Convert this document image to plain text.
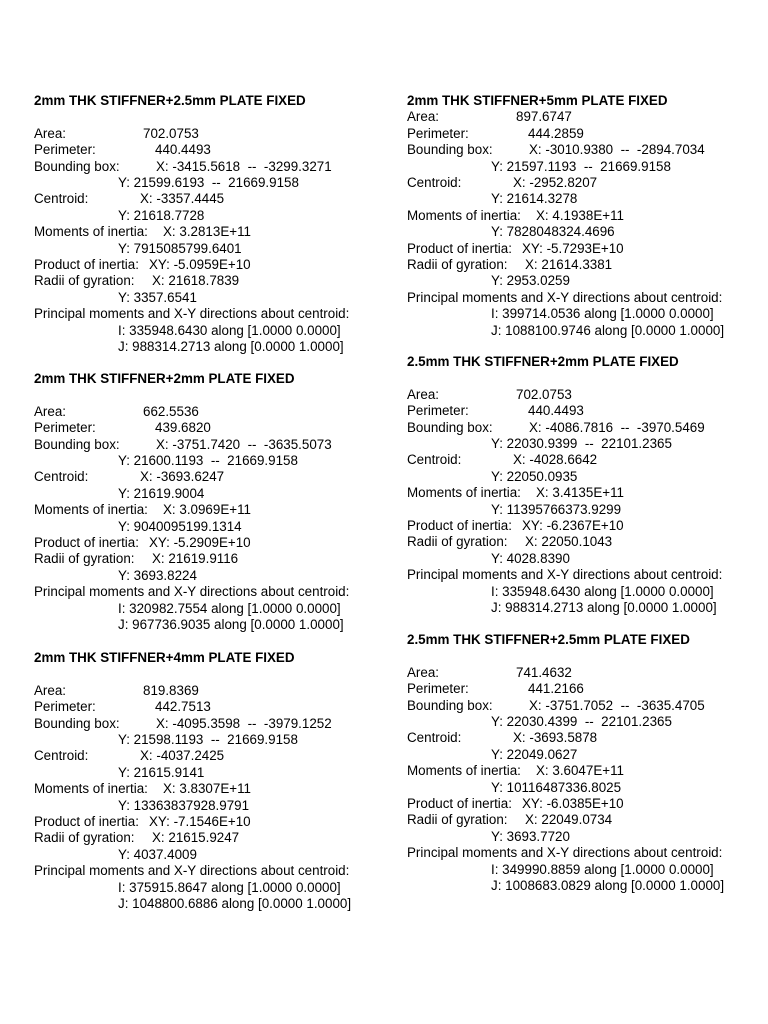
2mm THK STIFFNER+2.5mm PLATE FIXED
Area:	702.0753
Perimeter:	440.4493
Bounding box:	X: -3415.5618  --  -3299.3271
Y: 21599.6193  --  21669.9158
Centroid:	X: -3357.4445
Y: 21618.7728
Moments of inertia: X: 3.2813E+11
Y: 7915085799.6401
Product of inertia: XY: -5.0959E+10
Radii of gyration: X: 21618.7839
Y: 3357.6541
Principal moments and X-Y directions about centroid:
I: 335948.6430 along [1.0000 0.0000]
J: 988314.2713 along [0.0000 1.0000]
2mm THK STIFFNER+2mm PLATE FIXED
Area:	662.5536
Perimeter:	439.6820
Bounding box:	X: -3751.7420  --  -3635.5073
Y: 21600.1193  --  21669.9158
Centroid:	X: -3693.6247
Y: 21619.9004
Moments of inertia: X: 3.0969E+11
Y: 9040095199.1314
Product of inertia: XY: -5.2909E+10
Radii of gyration: X: 21619.9116
Y: 3693.8224
Principal moments and X-Y directions about centroid:
I: 320982.7554 along [1.0000 0.0000]
J: 967736.9035 along [0.0000 1.0000]
2mm THK STIFFNER+4mm PLATE FIXED
Area:	819.8369
Perimeter:	442.7513
Bounding box:	X: -4095.3598  --  -3979.1252
Y: 21598.1193  --  21669.9158
Centroid:	X: -4037.2425
Y: 21615.9141
Moments of inertia: X: 3.8307E+11
Y: 13363837928.9791
Product of inertia: XY: -7.1546E+10
Radii of gyration: X: 21615.9247
Y: 4037.4009
Principal moments and X-Y directions about centroid:
I: 375915.8647 along [1.0000 0.0000]
J: 1048800.6886 along [0.0000 1.0000]
2mm THK STIFFNER+5mm PLATE FIXED
Area:	897.6747
Perimeter:	444.2859
Bounding box:	X: -3010.9380  --  -2894.7034
Y: 21597.1193  --  21669.9158
Centroid:	X: -2952.8207
Y: 21614.3278
Moments of inertia: X: 4.1938E+11
Y: 7828048324.4696
Product of inertia: XY: -5.7293E+10
Radii of gyration: X: 21614.3381
Y: 2953.0259
Principal moments and X-Y directions about centroid:
I: 399714.0536 along [1.0000 0.0000]
J: 1088100.9746 along [0.0000 1.0000]
2.5mm THK STIFFNER+2mm PLATE FIXED
Area:	702.0753
Perimeter:	440.4493
Bounding box:	X: -4086.7816  --  -3970.5469
Y: 22030.9399  --  22101.2365
Centroid:	X: -4028.6642
Y: 22050.0935
Moments of inertia: X: 3.4135E+11
Y: 11395766373.9299
Product of inertia: XY: -6.2367E+10
Radii of gyration: X: 22050.1043
Y: 4028.8390
Principal moments and X-Y directions about centroid:
I: 335948.6430 along [1.0000 0.0000]
J: 988314.2713 along [0.0000 1.0000]
2.5mm THK STIFFNER+2.5mm PLATE FIXED
Area:	741.4632
Perimeter:	441.2166
Bounding box:	X: -3751.7052  --  -3635.4705
Y: 22030.4399  --  22101.2365
Centroid:	X: -3693.5878
Y: 22049.0627
Moments of inertia: X: 3.6047E+11
Y: 10116487336.8025
Product of inertia: XY: -6.0385E+10
Radii of gyration: X: 22049.0734
Y: 3693.7720
Principal moments and X-Y directions about centroid:
I: 349990.8859 along [1.0000 0.0000]
J: 1008683.0829 along [0.0000 1.0000]
